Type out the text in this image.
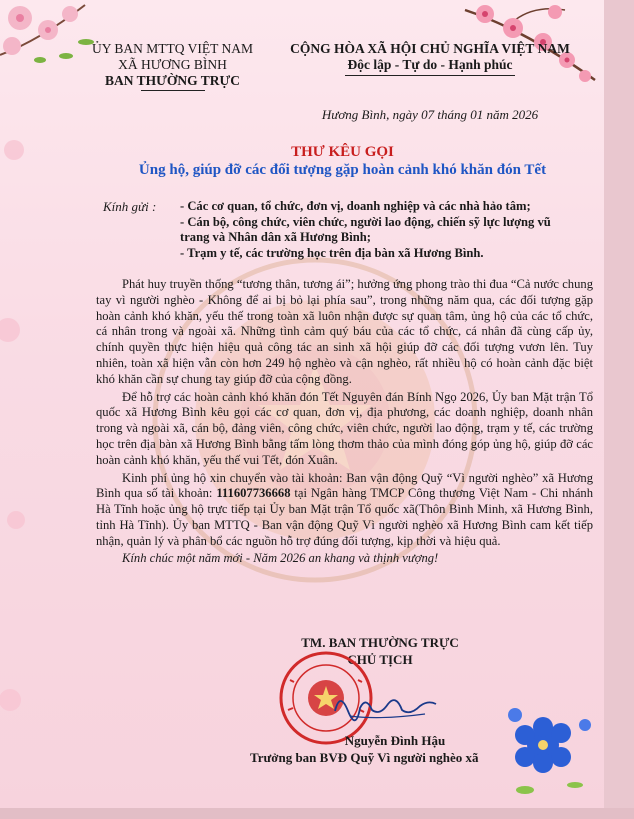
ỦY BAN MTTQ VIỆT NAM
XÃ HƯƠNG BÌNH
BAN THƯỜNG TRỰC
CỘNG HÒA XÃ HỘI CHỦ NGHĨA VIỆT NAM
Độc lập - Tự do - Hạnh phúc
Hương Bình, ngày 07 tháng 01 năm 2026
THƯ KÊU GỌI
Ủng hộ, giúp đỡ các đối tượng gặp hoàn cảnh khó khăn đón Tết
Kính gửi : - Các cơ quan, tổ chức, đơn vị, doanh nghiệp và các nhà hảo tâm;
- Cán bộ, công chức, viên chức, người lao động, chiến sỹ lực lượng vũ
trang và Nhân dân xã Hương Bình;
- Trạm y tế, các trường học trên địa bàn xã Hương Bình.

Phát huy truyền thống “tương thân, tương ái”; hưởng ứng phong trào thi đua “Cả nước chung tay vì người nghèo - Không để ai bị bỏ lại phía sau”, trong những năm qua, các đối tượng gặp hoàn cảnh khó khăn, yếu thế trong toàn xã luôn nhận được sự quan tâm, ủng hộ của các tổ chức, cá nhân trong và ngoài xã. Những tình cảm quý báu của các tổ chức, cá nhân đã cùng cấp ủy, chính quyền thực hiện hiệu quả công tác an sinh xã hội giúp đỡ các đối tượng vươn lên. Tuy nhiên, toàn xã hiện vẫn còn hơn 249 hộ nghèo và cận nghèo, rất nhiều hộ có hoàn cảnh đặc biệt khó khăn cần sự chung tay giúp đỡ của cộng đồng.

Để hỗ trợ các hoàn cảnh khó khăn đón Tết Nguyên đán Bính Ngọ 2026, Ủy ban Mặt trận Tổ quốc xã Hương Bình kêu gọi các cơ quan, đơn vị, địa phương, các doanh nghiệp, doanh nhân trong và ngoài xã, cán bộ, đảng viên, công chức, viên chức, người lao động, trạm y tế, các trường học trên địa bàn xã Hương Bình bằng tấm lòng thơm thảo của mình đóng góp ủng hộ, giúp đỡ các hoàn cảnh khó khăn, yếu thế vui Tết, đón Xuân.

Kinh phí ủng hộ xin chuyển vào tài khoản: Ban vận động Quỹ “Vì người nghèo” xã Hương Bình qua số tài khoản: 111607736668 tại Ngân hàng TMCP Công thương Việt Nam - Chi nhánh Hà Tĩnh hoặc ủng hộ trực tiếp tại Ủy ban Mặt trận Tổ quốc xã(Thôn Bình Minh, xã Hương Bình, tỉnh Hà Tĩnh). Ủy ban MTTQ - Ban vận động Quỹ Vì người nghèo xã Hương Bình cam kết tiếp nhận, quản lý và phân bổ các nguồn hỗ trợ đúng đối tượng, kịp thời và hiệu quả.

Kính chúc một năm mới - Năm 2026 an khang và thịnh vượng!

TM. BAN THƯỜNG TRỰC
CHỦ TỊCH
Nguyễn Đình Hậu
Trưởng ban BVĐ Quỹ Vì người nghèo xã
